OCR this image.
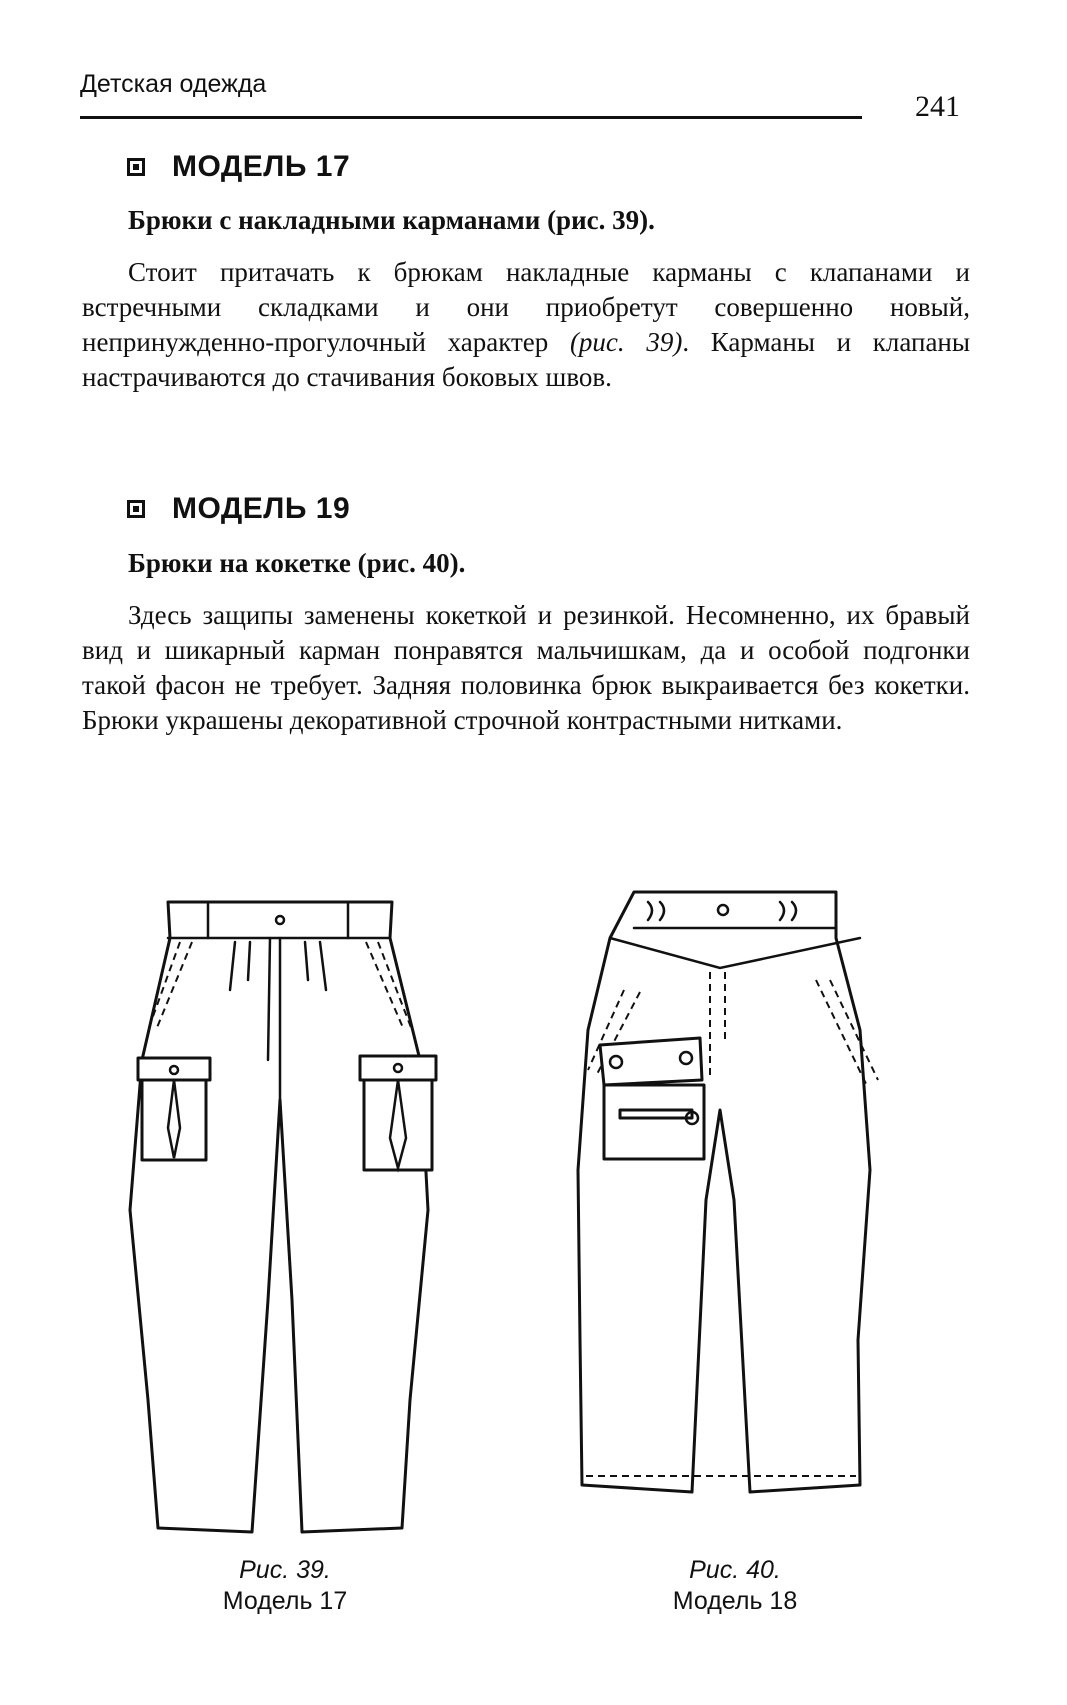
Детская одежда
241
МОДЕЛЬ 17
Брюки с накладными карманами (рис. 39).

Стоит притачать к брюкам накладные карманы с клапанами и встречными складками и они приобретут совершенно новый, непринужденно-прогулочный характер (рис. 39). Карманы и клапаны настрачиваются до стачивания боковых швов.

МОДЕЛЬ 19
Брюки на кокетке (рис. 40).

Здесь защипы заменены кокеткой и резинкой. Несомненно, их бравый вид и шикарный карман понравятся мальчишкам, да и особой подгонки такой фасон не требует. Задняя половинка брюк выкраивается без кокетки. Брюки украшены декоративной строчной контрастными нитками.

Рис. 39.
Модель 17
Рис. 40.
Модель 18
